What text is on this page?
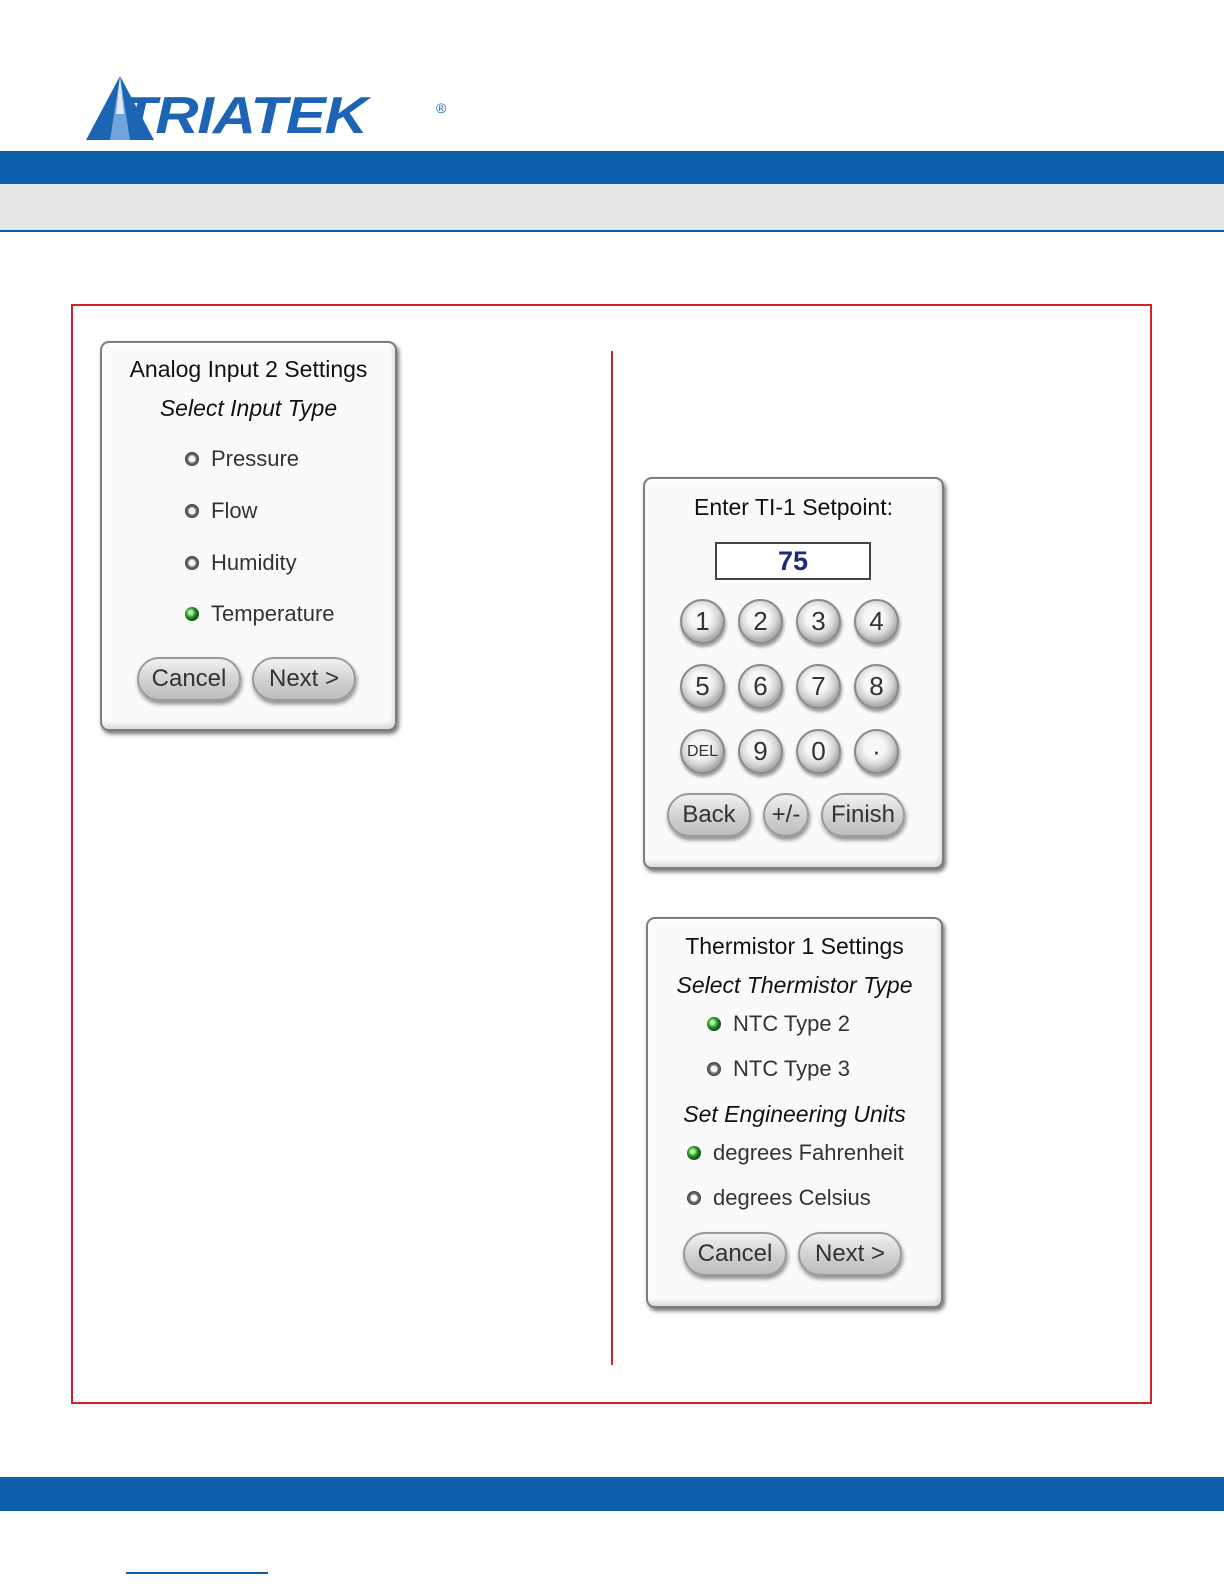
TRIATEK	®
Analog Input 2 Settings
Select Input Type
Pressure
Flow
Humidity
Temperature
Cancel	Next >
Enter TI-1 Setpoint:
75
1	2	3	4
5	6	7	8
DEL	9	0	·
Back	+/-	Finish
Thermistor 1 Settings
Select Thermistor Type
NTC Type 2
NTC Type 3
Set Engineering Units
degrees Fahrenheit
degrees Celsius
Cancel	Next >
